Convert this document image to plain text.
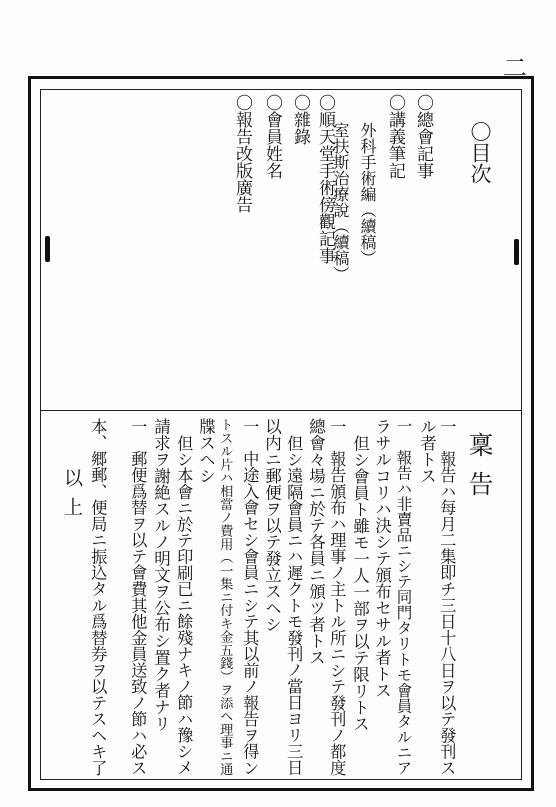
二
〇目次
〇總會記事
〇講義筆記
外科手術編（續稿）
室扶斯治療說（續稿）
〇順天堂手術傍觀記事
〇雜錄
〇會員姓名
〇報告改版廣告
稟告
一　報告ハ每月二集即チ三日十八日ヲ以テ發刊ス
ル者トス
一　報告ハ非賣品ニシテ同門タリトモ會員タルニア
ラサルコリハ決シテ頒布セサル者トス
但シ會員ト雖モ一人一部ヲ以テ限リトス
一　報告頒布ハ理事ノ主トル所ニシテ發刊ノ都度
總會々場ニ於テ各員ニ頒ツ者トス
但シ遠隔會員ニハ遲クトモ發刊ノ當日ヨリ三日
以内ニ郵便ヲ以テ發立スヘシ
一　中途入會セシ會員ニシテ其以前ノ報告ヲ得ン
トスル片ハ相當ノ費用（一集ニ付キ金五錢）ヲ添ヘ理事ニ通
牒スヘシ
但シ本會ニ於テ印刷已ニ餘殘ナキノ節ハ豫シメ
請求ヲ謝絶スルノ明文ヲ公布シ置ク者ナリ
一　郵便爲替ヲ以テ會費其他金員送致ノ節ハ必ス
本、郷郵、便局ニ振込タル爲替券ヲ以テスヘキ了
以上
